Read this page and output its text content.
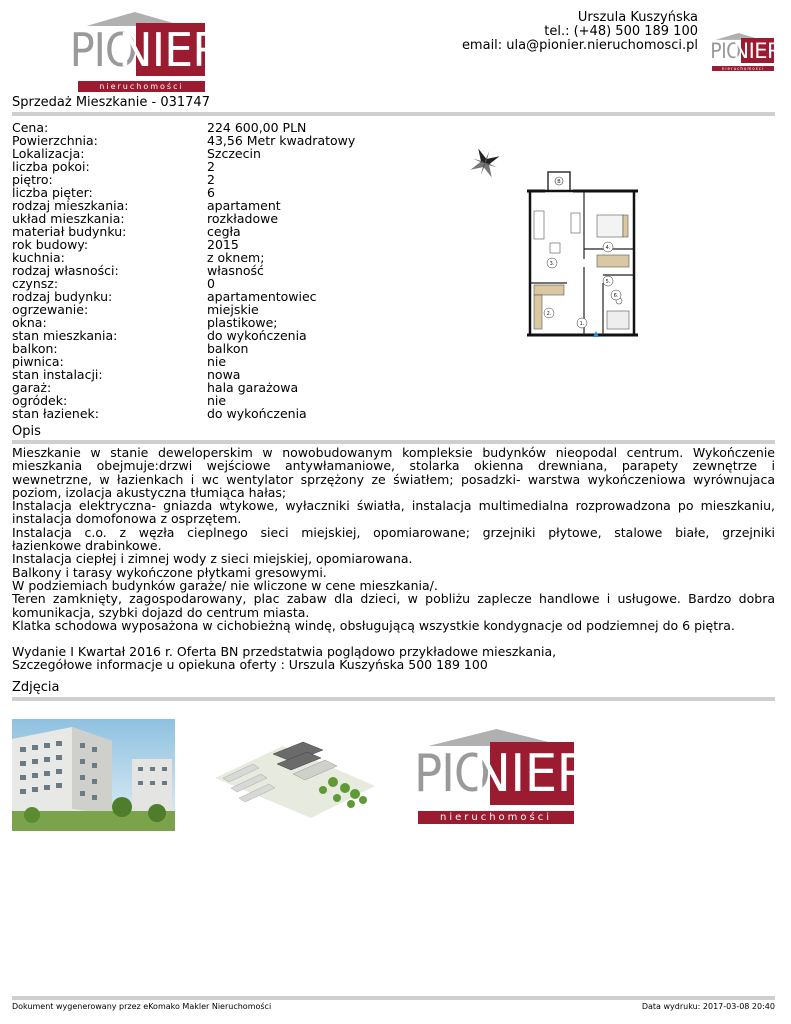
PIO
NIER
nieruchomości
Urszula Kuszyńska
tel.: (+48) 500 189 100
email: ula@pionier.nieruchomosci.pl PIO
NIER
nieruchomości
Sprzedaż Mieszkanie - 031747
Cena:	224 600,00 PLN
Powierzchnia:	43,56 Metr kwadratowy
Lokalizacja:	Szczecin
liczba pokoi:	2
piętro:	2
liczba pięter:	6
rodzaj mieszkania:	apartament
układ mieszkania:	rozkładowe
materiał budynku:	cegła
rok budowy:	2015
kuchnia:	z oknem;
rodzaj własności:	własność
czynsz:	0
rodzaj budynku:	apartamentowiec
ogrzewanie:	miejskie
okna:	plastikowe;
stan mieszkania:	do wykończenia
balkon:	balkon
piwnica:	nie
stan instalacji:	nowa
garaż:	hala garażowa
ogródek:	nie
stan łazienek:	do wykończenia
B
3.
4.
5.
2.
6.
1.
Opis

Mieszkanie w stanie deweloperskim w nowobudowanym kompleksie budynków nieopodal centrum. Wykończenie

mieszkania obejmuje:drzwi wejściowe antywłamaniowe, stolarka okienna drewniana, parapety zewnętrze i

wewnetrzne, w łazienkach i wc wentylator sprzężony ze światłem; posadzki- warstwa wykończeniowa wyrównujaca

poziom, izolacja akustyczna tłumiąca hałas;

Instalacja elektryczna- gniazda wtykowe, wyłaczniki światła, instalacja multimedialna rozprowadzona po mieszkaniu,

instalacja domofonowa z osprzętem.

Instalacja c.o. z węzła cieplnego sieci miejskiej, opomiarowane; grzejniki płytowe, stalowe białe, grzejniki

łazienkowe drabinkowe.

Instalacja ciepłej i zimnej wody z sieci miejskiej, opomiarowana.

Balkony i tarasy wykończone płytkami gresowymi.

W podziemiach budynków garaże/ nie wliczone w cene mieszkania/.

Teren zamknięty, zagospodarowany, plac zabaw dla dzieci, w pobliżu zaplecze handlowe i usługowe. Bardzo dobra

komunikacja, szybki dojazd do centrum miasta.

Klatka schodowa wyposażona w cichobieżną windę, obsługującą wszystkie kondygnacje od podziemnej do 6 piętra.

Wydanie I Kwartał 2016 r. Oferta BN przedstatwia poglądowo przykładowe mieszkania,

Szczegółowe informacje u opiekuna oferty : Urszula Kuszyńska 500 189 100

Zdjęcia
PIO
NIER
nieruchomości
Dokument wygenerowany przez eKomako Makler Nieruchomości	Data wydruku: 2017-03-08 20:40
